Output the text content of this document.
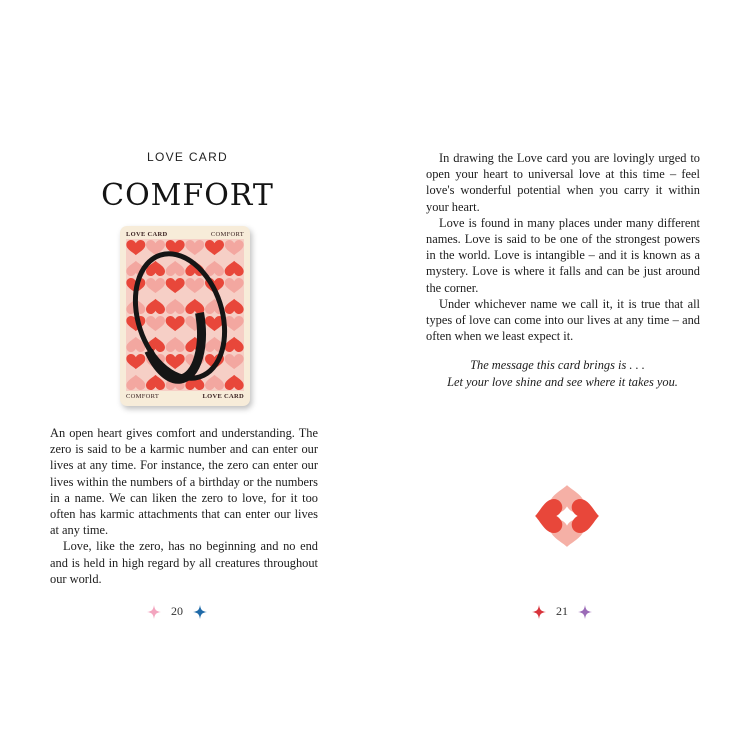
LOVE CARD
COMFORT
LOVE CARD	COMFORT
COMFORT	LOVE CARD

An open heart gives comfort and understanding. The zero is said to be a karmic number and can enter our lives at any time. For instance, the zero can enter our lives within the numbers of a birthday or the numbers in a name. We can liken the zero to love, for it too often has karmic attachments that can enter our lives at any time.

Love, like the zero, has no beginning and no end and is held in high regard by all creatures throughout our world.

20

In drawing the Love card you are lovingly urged to open your heart to universal love at this time – feel love's wonderful potential when you carry it within your heart.

Love is found in many places under many different names. Love is said to be one of the strongest powers in the world. Love is intangible – and it is known as a mystery. Love is where it falls and can be just around the corner.

Under whichever name we call it, it is true that all types of love can come into our lives at any time – and often when we least expect it.

The message this card brings is . . .
Let your love shine and see where it takes you.
21
